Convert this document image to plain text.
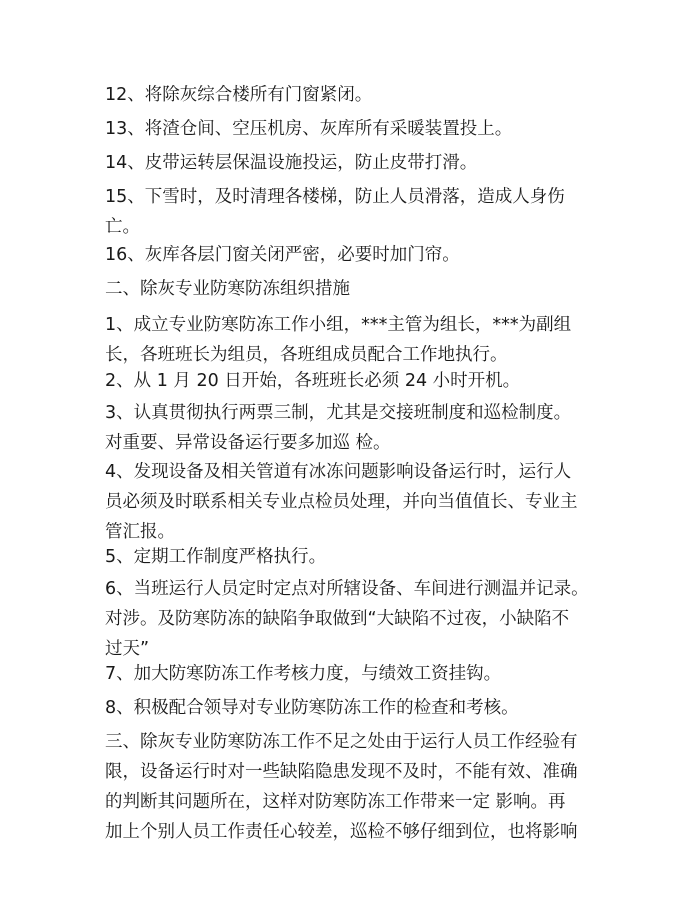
12、将除灰综合楼所有门窗紧闭。

13、将渣仓间、空压机房、灰库所有采暖装置投上。

14、皮带运转层保温设施投运，防止皮带打滑。

15、下雪时，及时清理各楼梯，防止人员滑落，造成人身伤
亡。

16、灰库各层门窗关闭严密，必要时加门帘。

二、除灰专业防寒防冻组织措施

1、成立专业防寒防冻工作小组，***主管为组长，***为副组
长，各班班长为组员，各班组成员配合工作地执行。

2、从 1 月 20 日开始，各班班长必须 24 小时开机。

3、认真贯彻执行两票三制，尤其是交接班制度和巡检制度。
对重要、异常设备运行要多加巡 检。

4、发现设备及相关管道有冰冻问题影响设备运行时，运行人
员必须及时联系相关专业点检员处理，并向当值值长、专业主
管汇报。

5、定期工作制度严格执行。

6、当班运行人员定时定点对所辖设备、车间进行测温并记录。
对涉。及防寒防冻的缺陷争取做到“大缺陷不过夜，小缺陷不
过天”

7、加大防寒防冻工作考核力度，与绩效工资挂钩。

8、积极配合领导对专业防寒防冻工作的检查和考核。

三、除灰专业防寒防冻工作不足之处由于运行人员工作经验有
限，设备运行时对一些缺陷隐患发现不及时，不能有效、准确
的判断其问题所在，这样对防寒防冻工作带来一定 影响。再
加上个别人员工作责任心较差，巡检不够仔细到位，也将影响
